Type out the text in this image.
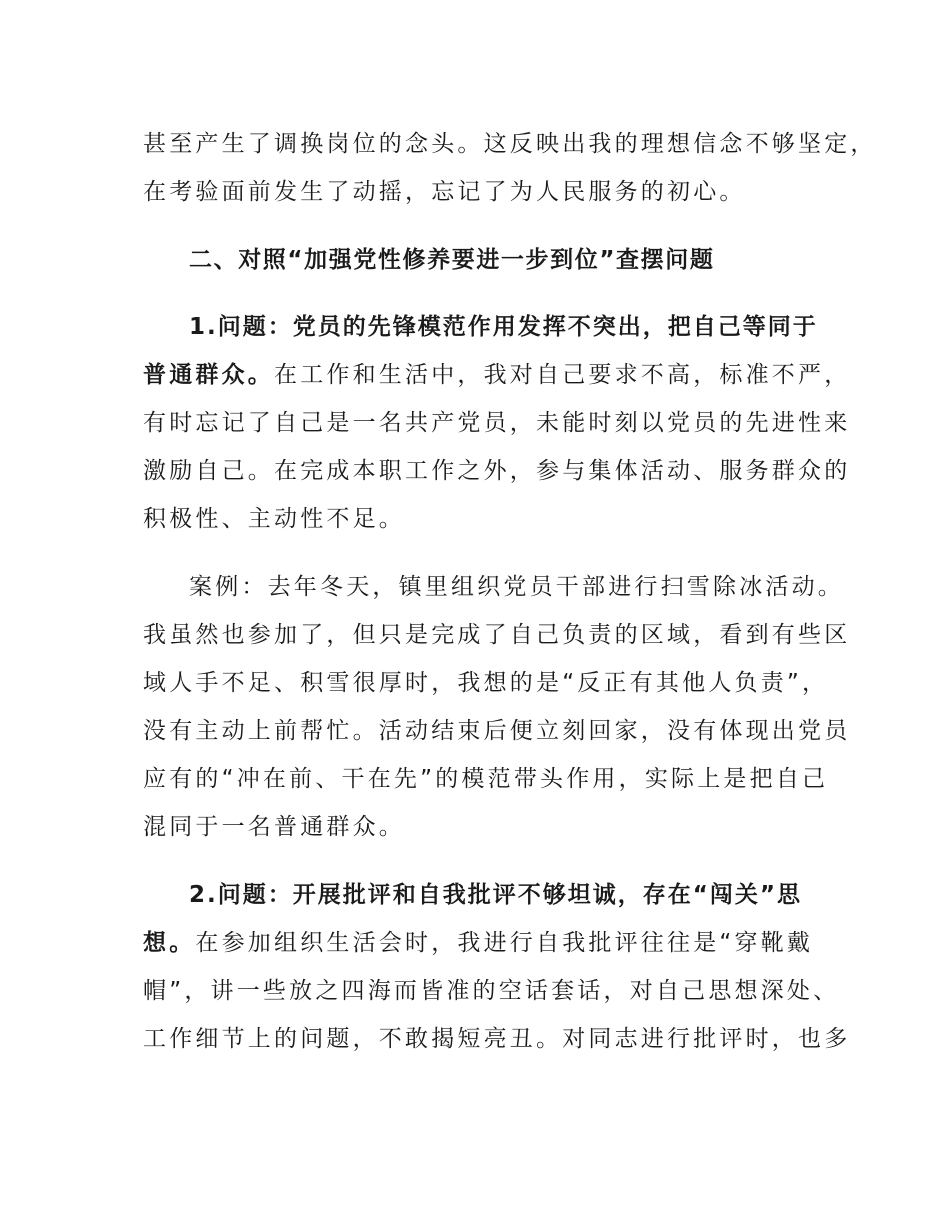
甚至产生了调换岗位的念头。这反映出我的理想信念不够坚定，
在考验面前发生了动摇，忘记了为人民服务的初心。
二、对照“加强党性修养要进一步到位”查摆问题
1.问题：党员的先锋模范作用发挥不突出，把自己等同于
普通群众。在工作和生活中，我对自己要求不高，标准不严，
有时忘记了自己是一名共产党员，未能时刻以党员的先进性来
激励自己。在完成本职工作之外，参与集体活动、服务群众的
积极性、主动性不足。
案例：去年冬天，镇里组织党员干部进行扫雪除冰活动。
我虽然也参加了，但只是完成了自己负责的区域，看到有些区
域人手不足、积雪很厚时，我想的是“反正有其他人负责”，
没有主动上前帮忙。活动结束后便立刻回家，没有体现出党员
应有的“冲在前、干在先”的模范带头作用，实际上是把自己
混同于一名普通群众。
2.问题：开展批评和自我批评不够坦诚，存在“闯关”思
想。在参加组织生活会时，我进行自我批评往往是“穿靴戴
帽”，讲一些放之四海而皆准的空话套话，对自己思想深处、
工作细节上的问题，不敢揭短亮丑。对同志进行批评时，也多
